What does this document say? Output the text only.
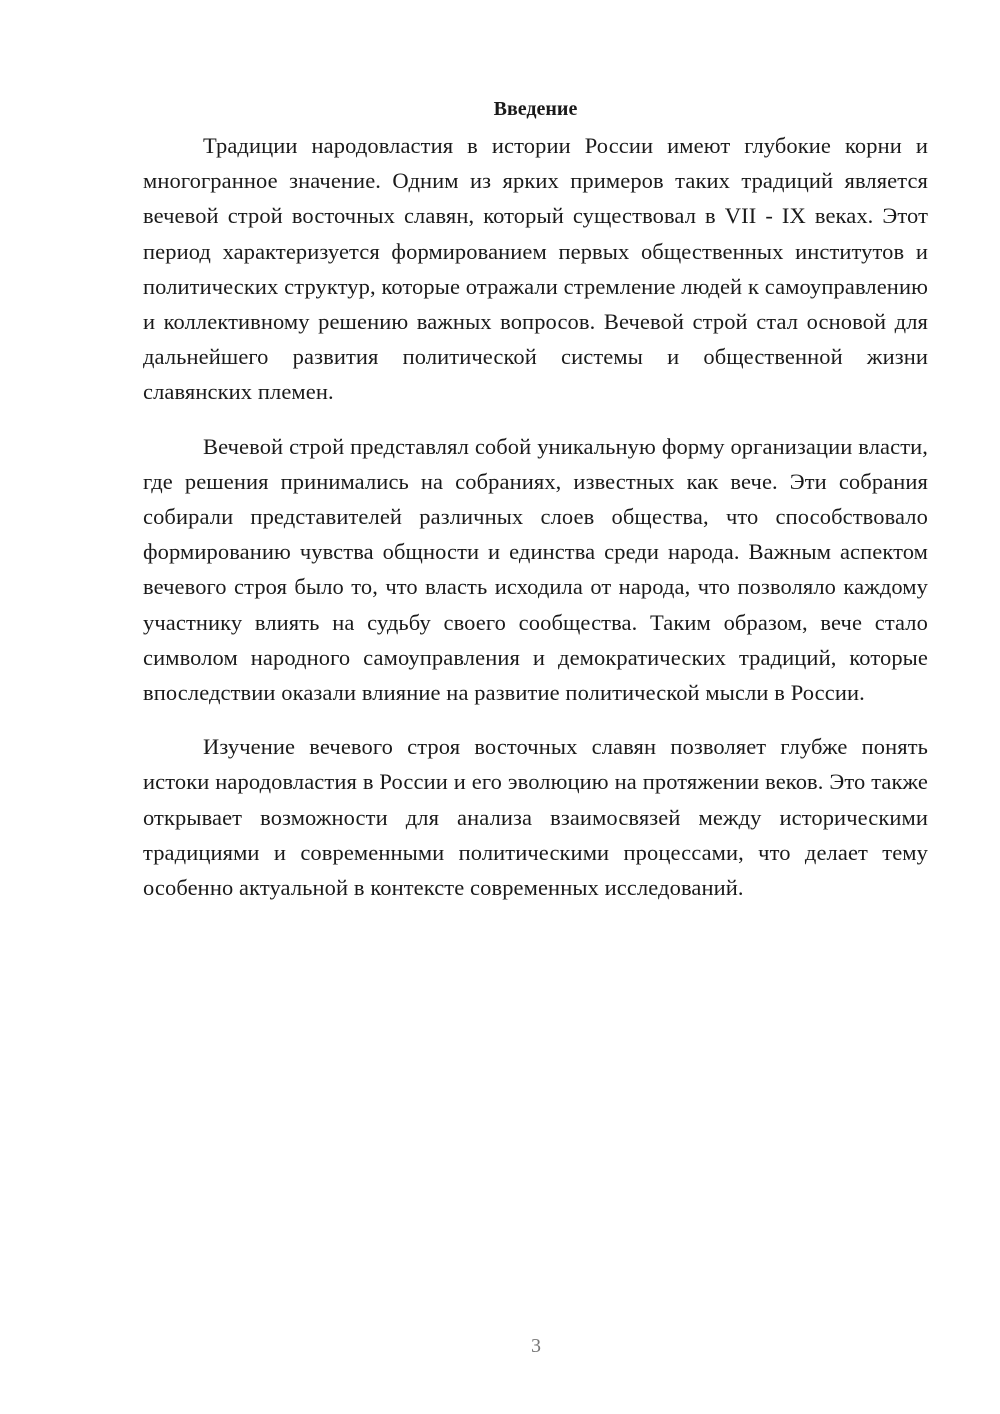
Введение

Традиции народовластия в истории России имеют глубокие корни и многогранное значение. Одним из ярких примеров таких традиций является вечевой строй восточных славян, который существовал в VII - IX веках. Этот период характеризуется формированием первых общественных институтов и политических структур, которые отражали стремление людей к самоуправлению и коллективному решению важных вопросов. Вечевой строй стал основой для дальнейшего развития политической системы и общественной жизни славянских племен.

Вечевой строй представлял собой уникальную форму организации власти, где решения принимались на собраниях, известных как вече. Эти собрания собирали представителей различных слоев общества, что способствовало формированию чувства общности и единства среди народа. Важным аспектом вечевого строя было то, что власть исходила от народа, что позволяло каждому участнику влиять на судьбу своего сообщества. Таким образом, вече стало символом народного самоуправления и демократических традиций, которые впоследствии оказали влияние на развитие политической мысли в России.

Изучение вечевого строя восточных славян позволяет глубже понять истоки народовластия в России и его эволюцию на протяжении веков. Это также открывает возможности для анализа взаимосвязей между историческими традициями и современными политическими процессами, что делает тему особенно актуальной в контексте современных исследований.

3
